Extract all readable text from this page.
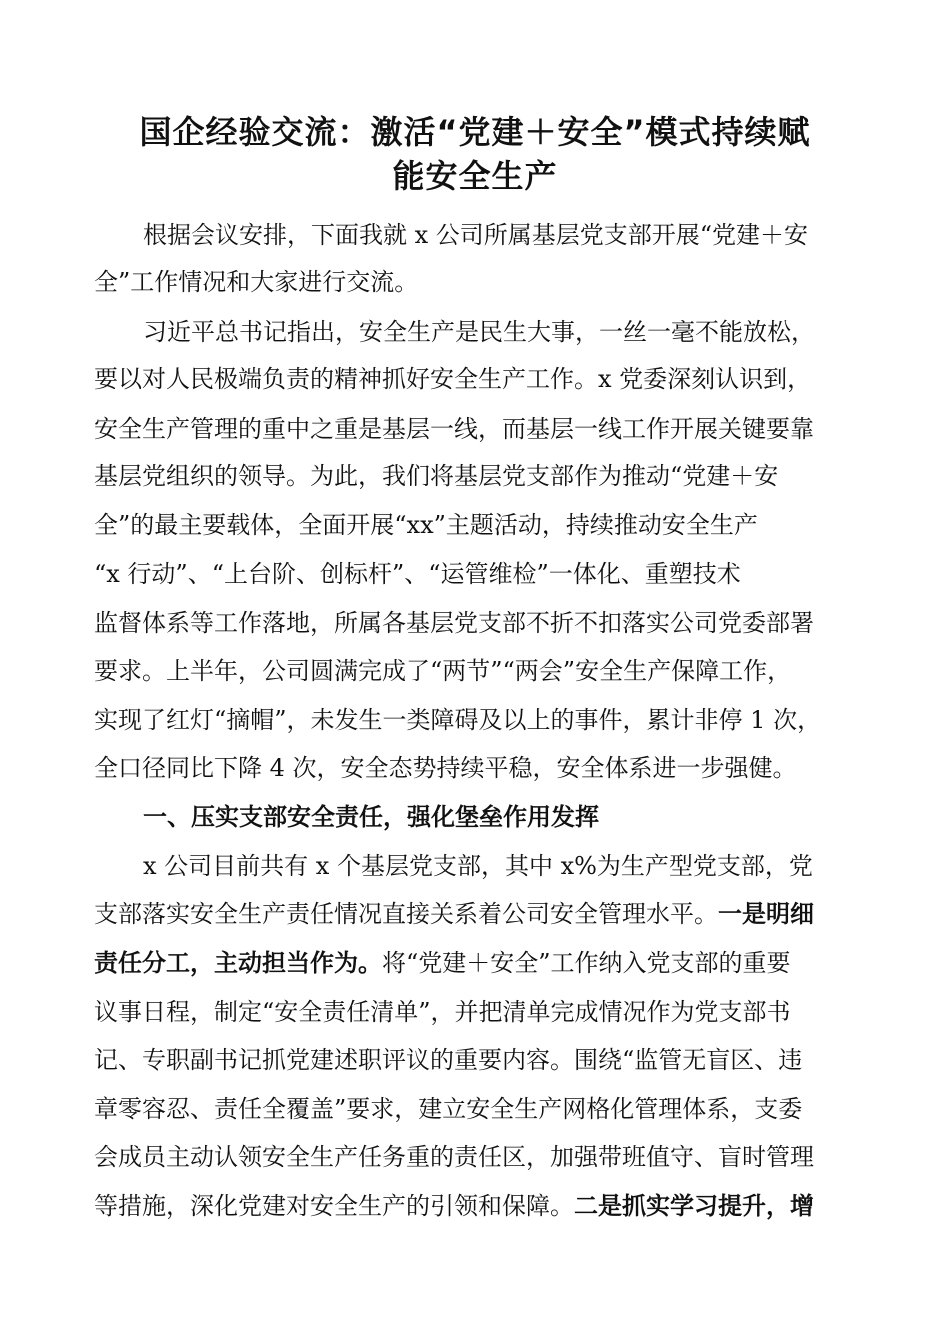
国企经验交流：激活“党建＋安全”模式持续赋
能安全生产
根据会议安排，下面我就 x 公司所属基层党支部开展“党建＋安
全”工作情况和大家进行交流。
习近平总书记指出，安全生产是民生大事，一丝一毫不能放松，
要以对人民极端负责的精神抓好安全生产工作。x 党委深刻认识到，
安全生产管理的重中之重是基层一线，而基层一线工作开展关键要靠
基层党组织的领导。为此，我们将基层党支部作为推动“党建＋安
全”的最主要载体，全面开展“xx”主题活动，持续推动安全生产
“x 行动”、“上台阶、创标杆”、“运管维检”一体化、重塑技术
监督体系等工作落地，所属各基层党支部不折不扣落实公司党委部署
要求。上半年，公司圆满完成了“两节”“两会”安全生产保障工作，
实现了红灯“摘帽”，未发生一类障碍及以上的事件，累计非停 1 次，
全口径同比下降 4 次，安全态势持续平稳，安全体系进一步强健。
一、压实支部安全责任，强化堡垒作用发挥
x 公司目前共有 x 个基层党支部，其中 x%为生产型党支部，党
支部落实安全生产责任情况直接关系着公司安全管理水平。一是明细
责任分工，主动担当作为。将“党建＋安全”工作纳入党支部的重要
议事日程，制定“安全责任清单”，并把清单完成情况作为党支部书
记、专职副书记抓党建述职评议的重要内容。围绕“监管无盲区、违
章零容忍、责任全覆盖”要求，建立安全生产网格化管理体系，支委
会成员主动认领安全生产任务重的责任区，加强带班值守、盲时管理
等措施，深化党建对安全生产的引领和保障。二是抓实学习提升，增
